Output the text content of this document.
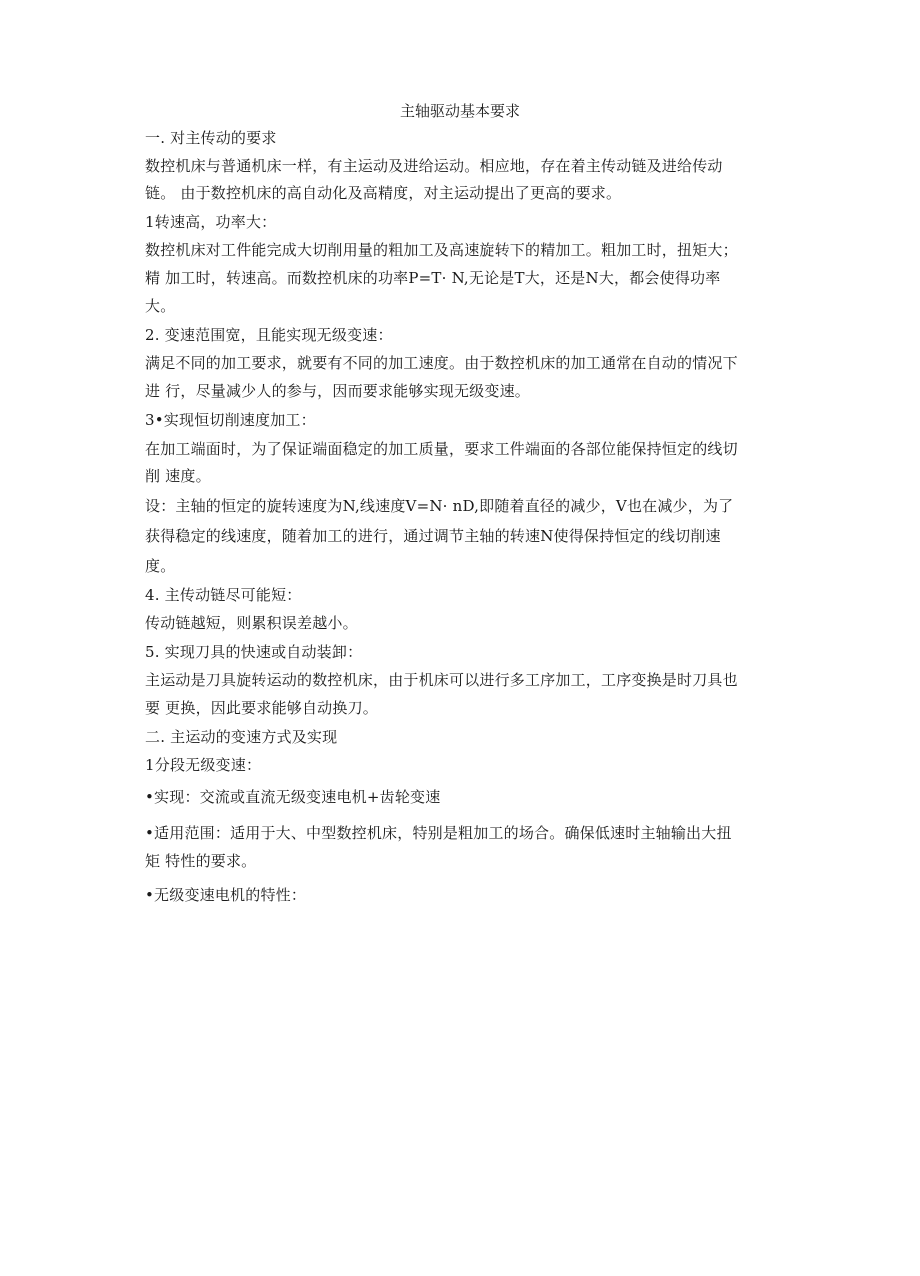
主轴驱动基本要求
一. 对主传动的要求
数控机床与普通机床一样，有主运动及进给运动。相应地，存在着主传动链及进给传动
链。 由于数控机床的高自动化及高精度，对主运动提出了更高的要求。
1转速高，功率大：
数控机床对工件能完成大切削用量的粗加工及高速旋转下的精加工。粗加工时，扭矩大；
精 加工时，转速高。而数控机床的功率P=T· N,无论是T大，还是N大，都会使得功率
大。
2. 变速范围宽，且能实现无级变速：
满足不同的加工要求，就要有不同的加工速度。由于数控机床的加工通常在自动的情况下
进 行，尽量减少人的参与，因而要求能够实现无级变速。
3•实现恒切削速度加工：
在加工端面时，为了保证端面稳定的加工质量，要求工件端面的各部位能保持恒定的线切
削 速度。
设：主轴的恒定的旋转速度为N,线速度V=N· nD,即随着直径的减少，V也在减少，为了
获得稳定的线速度，随着加工的进行，通过调节主轴的转速N使得保持恒定的线切削速
度。
4. 主传动链尽可能短：
传动链越短，则累积误差越小。
5. 实现刀具的快速或自动装卸：
主运动是刀具旋转运动的数控机床，由于机床可以进行多工序加工，工序变换是时刀具也
要 更换，因此要求能够自动换刀。
二. 主运动的变速方式及实现
1分段无级变速：
•实现：交流或直流无级变速电机+齿轮变速
•适用范围：适用于大、中型数控机床，特别是粗加工的场合。确保低速时主轴输出大扭
矩 特性的要求。
•无级变速电机的特性：
